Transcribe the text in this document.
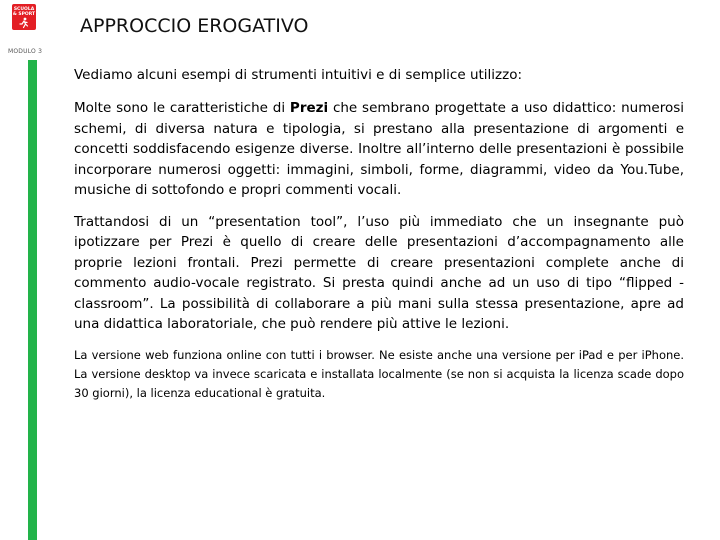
SCUOLA
& SPORT
MODULO 3
APPROCCIO EROGATIVO

Vediamo alcuni esempi di strumenti intuitivi e di semplice utilizzo:

Molte sono le caratteristiche di Prezi che sembrano progettate a uso didattico: numerosi schemi, di diversa natura e tipologia, si prestano alla presentazione di argomenti e concetti soddisfacendo esigenze diverse. Inoltre all’interno delle presentazioni è possibile incorporare numerosi oggetti: immagini, simboli, forme, diagrammi, video da You.Tube, musiche di sottofondo e propri commenti vocali.

Trattandosi di un “presentation tool”, l’uso più immediato che un insegnante può ipotizzare per Prezi è quello di creare delle presentazioni d’accompagnamento alle proprie lezioni frontali. Prezi permette di creare presentazioni complete anche di commento audio-vocale registrato. Si presta quindi anche ad un uso di tipo “flipped -classroom”. La possibilità di collaborare a più mani sulla stessa presentazione, apre ad una didattica laboratoriale, che può rendere più attive le lezioni.

La versione web funziona online con tutti i browser. Ne esiste anche una versione per iPad e per iPhone. La versione desktop va invece scaricata e installata localmente (se non si acquista la licenza scade dopo 30 giorni), la licenza educational è gratuita.
